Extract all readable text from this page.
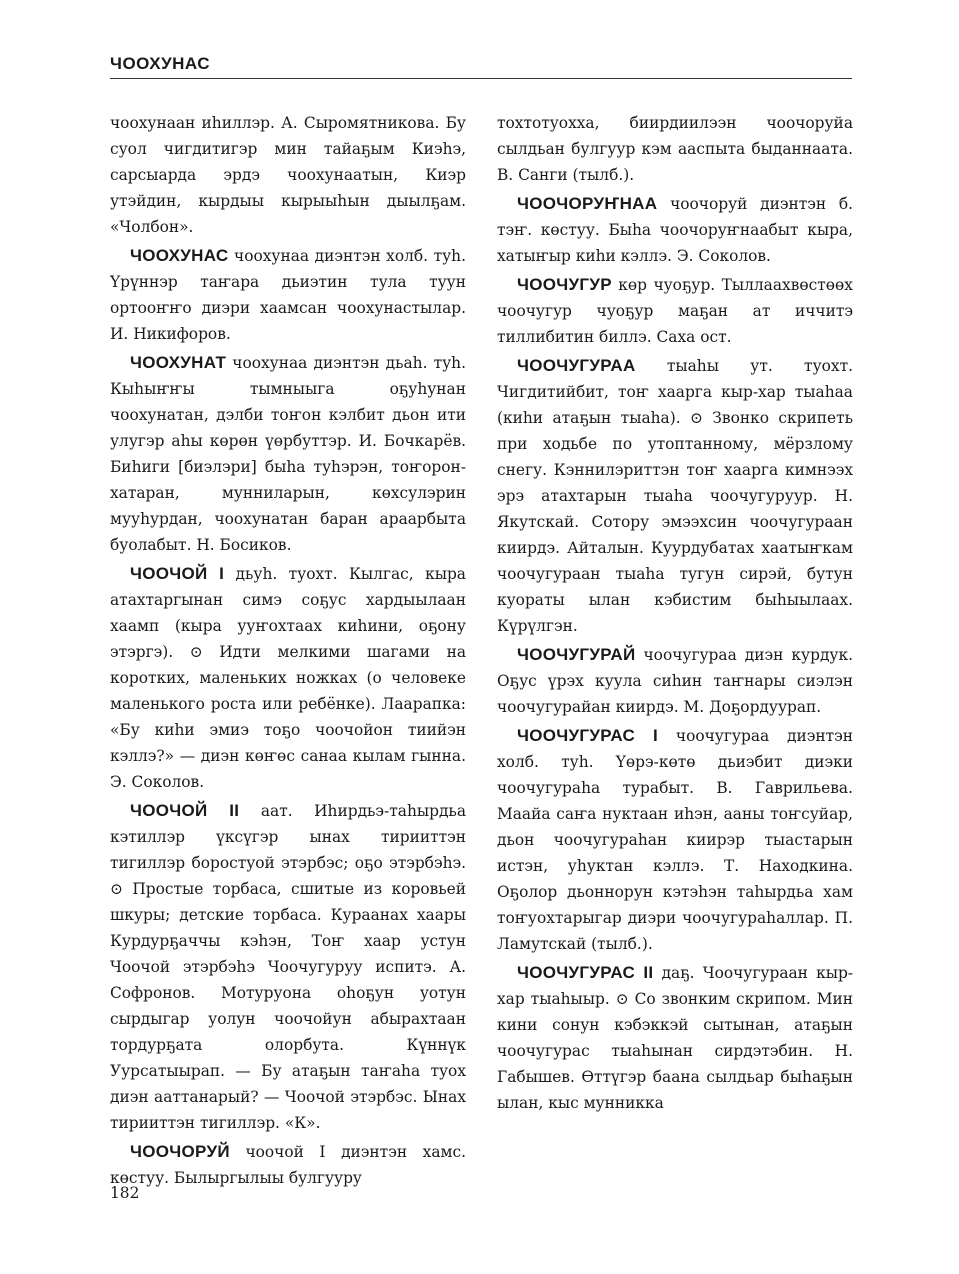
ЧООХУНАС

чоохунаан иhиллэр. А. Сыромятникова. Бу суол чигдитигэр мин тайаҕым Киэhэ, сарсыарда эрдэ чоохунаатын, Киэр утэйдин, кырдыы кырыыhын дыылҕам. «Чолбон».

ЧООХУНАС чоохунаа диэнтэн холб. туh. Үрүннэр таҥара дьиэтин тула туун ортооҥҥо диэри хаамсан чоохунастылар. И. Никифоров.

ЧООХУНАТ чоохунаа диэнтэн дьаh. туh. Кыhыҥҥы тымныыга оҕуhунан чоохунатан, дэлби тоҥон кэлбит дьон ити улугэр аhы көрөн үөрбуттэр. И. Бочкарёв. Биhиги [биэлэри] быhа туhэрэн, тоҥорон-хатаран, мунниларын, көхсулэрин мууhурдан, чоохунатан баран араарбыта буолабыт. Н. Босиков.

ЧООЧОЙ I дьуh. туохт. Кылгас, кыра атахтаргынан симэ соҕус хардыылаан хаамп (кыра ууҥохтаах киhини, оҕону этэргэ). ⊙ Идти мелкими шагами на коротких, маленьких ножках (о человеке маленького роста или ребёнке). Лаарапка: «Бу киhи эмиэ тоҕо чоочойон тиийэн кэллэ?» — диэн көҥөс санаа кылам гынна. Э. Соколов.

ЧООЧОЙ II аат. Иhирдьэ-таhырдьа кэтиллэр үксүгэр ынах тирииттэн тигиллэр боростуой этэрбэс; оҕо этэрбэhэ. ⊙ Простые торбаса, сшитые из коровьей шкуры; детские торбаса. Кураанах хаары Курдурҕаччы кэhэн, Тоҥ хаар устун Чоочой этэрбэhэ Чоочугуруу испитэ. А. Софронов. Мотуруона оhоҕун уотун сырдыгар уолун чоочойун абырахтаан тордурҕата олорбута. Күннүк Уурсатыырап. — Бу атаҕын таҥаhа туох диэн ааттанарый? — Чоочой этэрбэс. Ынах тирииттэн тигиллэр. «К».

ЧООЧОРУЙ чоочой I диэнтэн хамс. көстуу. Былыргылыы булгуурy

тохтотуохха, биирдиилээн чоочоруйа сылдьан булгуур кэм ааспыта быданнаата. В. Санги (тылб.).

ЧООЧОРУҤНАА чоочоруй диэнтэн б. тэҥ. көстуу. Быhа чоочоруҥнаабыт кыра, хатыҥыр киhи кэллэ. Э. Соколов.

ЧООЧУГУР көр чуоҕур. Тыллаахвөстөөх чоочугур чуоҕур маҕан ат иччитэ тиллибитин биллэ. Саха ост.

ЧООЧУГУРАА тыаhы ут. туохт. Чигдитийбит, тоҥ хаарга кыр-хар тыаhаа (киhи атаҕын тыаhа). ⊙ Звонко скрипеть при ходьбе по утоптанному, мёрзлому снегу. Кэннилэриттэн тоҥ хаарга кимнээх эрэ атахтарын тыаhа чоочугуруур. Н. Якутскай. Сотору эмээхсин чоочугураан киирдэ. Айталын. Куурдубатах хаатыҥкам чоочугураан тыаhа тугун сирэй, бутун куораты ылан кэбистим быhыылаах. Күрүлгэн.

ЧООЧУГУРАЙ чоочугураа диэн курдук. Оҕус үрэх куула сиhин таҥнары сиэлэн чоочугурайан киирдэ. М. Доҕордуурап.

ЧООЧУГУРАС I чоочугураа диэнтэн холб. туh. Үөрэ-көтө дьиэбит диэки чоочугураhа турабыт. В. Гаврильева. Маайа саҥа нуктаан иhэн, ааны тоҥсуйар, дьон чоочугураhан киирэр тыастарын истэн, уhуктан кэллэ. Т. Находкина. Оҕолор дьоннорун кэтэhэн таhырдьа хам тоҥуохтарыгар диэри чоочугураhаллар. П. Ламутскай (тылб.).

ЧООЧУГУРАС II даҕ. Чоочугураан кыр-хар тыаhыыр. ⊙ Со звонким скрипом. Мин кини сонун кэбэккэй сытынан, атаҕын чоочугурас тыаhынан сирдэтэбин. Н. Габышев. Өттүгэр баана сылдьар быhаҕын ылан, кыс мунникка

182
